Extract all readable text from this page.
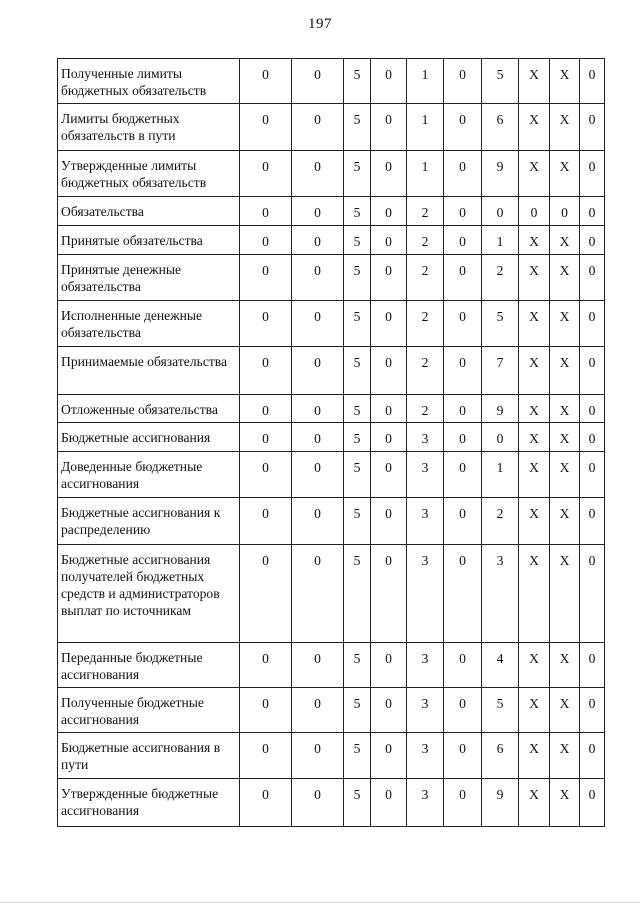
197
Полученные лимиты бюджетных обязательств	0	0	5	0	1	0	5	X	X	0
Лимиты бюджетных обязательств в пути	0	0	5	0	1	0	6	X	X	0
Утвержденные лимиты бюджетных обязательств	0	0	5	0	1	0	9	X	X	0
Обязательства	0	0	5	0	2	0	0	0	0	0
Принятые обязательства	0	0	5	0	2	0	1	X	X	0
Принятые денежные обязательства	0	0	5	0	2	0	2	X	X	0
Исполненные денежные обязательства	0	0	5	0	2	0	5	X	X	0
Принимаемые обязательства	0	0	5	0	2	0	7	X	X	0
Отложенные обязательства	0	0	5	0	2	0	9	X	X	0
Бюджетные ассигнования	0	0	5	0	3	0	0	X	X	0
Доведенные бюджетные ассигнования	0	0	5	0	3	0	1	X	X	0
Бюджетные ассигнования к распределению	0	0	5	0	3	0	2	X	X	0
Бюджетные ассигнования получателей бюджетных средств и администраторов выплат по источникам	0	0	5	0	3	0	3	X	X	0
Переданные бюджетные ассигнования	0	0	5	0	3	0	4	X	X	0
Полученные бюджетные ассигнования	0	0	5	0	3	0	5	X	X	0
Бюджетные ассигнования в пути	0	0	5	0	3	0	6	X	X	0
Утвержденные бюджетные ассигнования	0	0	5	0	3	0	9	X	X	0
